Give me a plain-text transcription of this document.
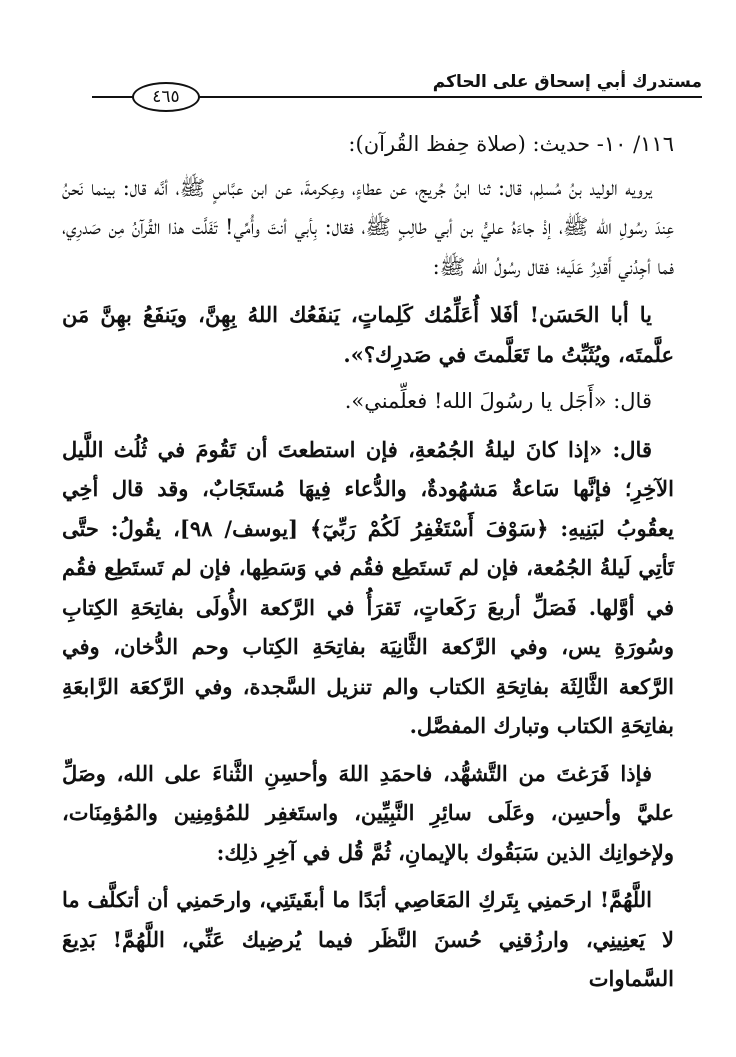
٤٦٥
مستدرك أبي إسحاق على الحاكم

١١٦/ ١٠- حديث: (صلاة حِفظ القُرآن):

يرويه الوليد بنُ مُسلِم، قال: ثنا ابنُ جُريج، عن عطاءٍ، وعِكرمةَ، عن ابن عبَّاسٍ ﷺ، أنَّه قال: بينما نَحنُ عِندَ رسُولِ الله ﷺ، إذْ جاءَهُ عليُّ بن أبي طالِبٍ ﷺ، فقال: بِأبي أنتَ وأُمِّي! تَفَلَّت هذا القُرآنُ مِن صَدرِي، فما أجِدُني أَقدِرُ عَلَيه؛ فقال رسُولُ الله ﷺ:

يا أبا الحَسَن! أفَلا أُعَلِّمُك كَلِماتٍ، يَنفَعُك اللهُ بِهِنَّ، ويَنفَعُ بهِنَّ مَن علَّمتَه، ويُثَبِّتُ ما تَعَلَّمتَ في صَدرِك؟».

قال: «أَجَل يا رسُولَ الله! فعلِّمني».

قال: «إذا كانَ ليلةُ الجُمُعةِ، فإن استطعتَ أن تَقُومَ في ثُلُث اللَّيل الآخِرِ؛ فإنَّها سَاعةٌ مَشهُودةٌ، والدُّعاء فِيهَا مُستَجَابٌ، وقد قال أخِي يعقُوبُ لبَنِيهِ: ﴿سَوْفَ أَسْتَغْفِرُ لَكُمْ رَبِّيٓ﴾ [يوسف/ ٩٨]، يقُولُ: حتَّى تَأتِي لَيلةُ الجُمُعة، فإن لم تَستَطِع فقُم في وَسَطِها، فإن لم تَستَطِع فقُم في أوَّلها. فَصَلِّ أربعَ رَكَعاتٍ، تَقرَأُ في الرَّكعة الأُولَى بفاتِحَةِ الكِتابِ وسُورَةِ يس، وفي الرَّكعة الثَّانِيَة بفاتِحَةِ الكِتاب وحم الدُّخان، وفي الرَّكعة الثَّالِثَة بفاتِحَةِ الكتاب والم تنزيل السَّجدة، وفي الرَّكعَة الرَّابعَةِ بفاتِحَةِ الكتاب وتبارك المفصَّل.

فإذا فَرَغتَ من التَّشهُّد، فاحمَدِ اللهَ وأحسِنِ الثَّناءَ على الله، وصَلِّ عليَّ وأحسِن، وعَلَى سائِرِ النَّبِيِّين، واستَغفِر للمُؤمِنِين والمُؤمِنَات، ولإخوانِك الذين سَبَقُوك بالإيمانِ، ثُمَّ قُل في آخِرِ ذلِك:

اللَّهُمَّ! ارحَمنِي بِتَركِ المَعَاصِي أبَدًا ما أبقَيتَنِي، وارحَمنِي أن أتكلَّف ما لا يَعنِينِي، وارزُقنِي حُسنَ النَّظَر فيما يُرضِيك عَنِّي، اللَّهُمَّ! بَدِيعَ السَّماوات
